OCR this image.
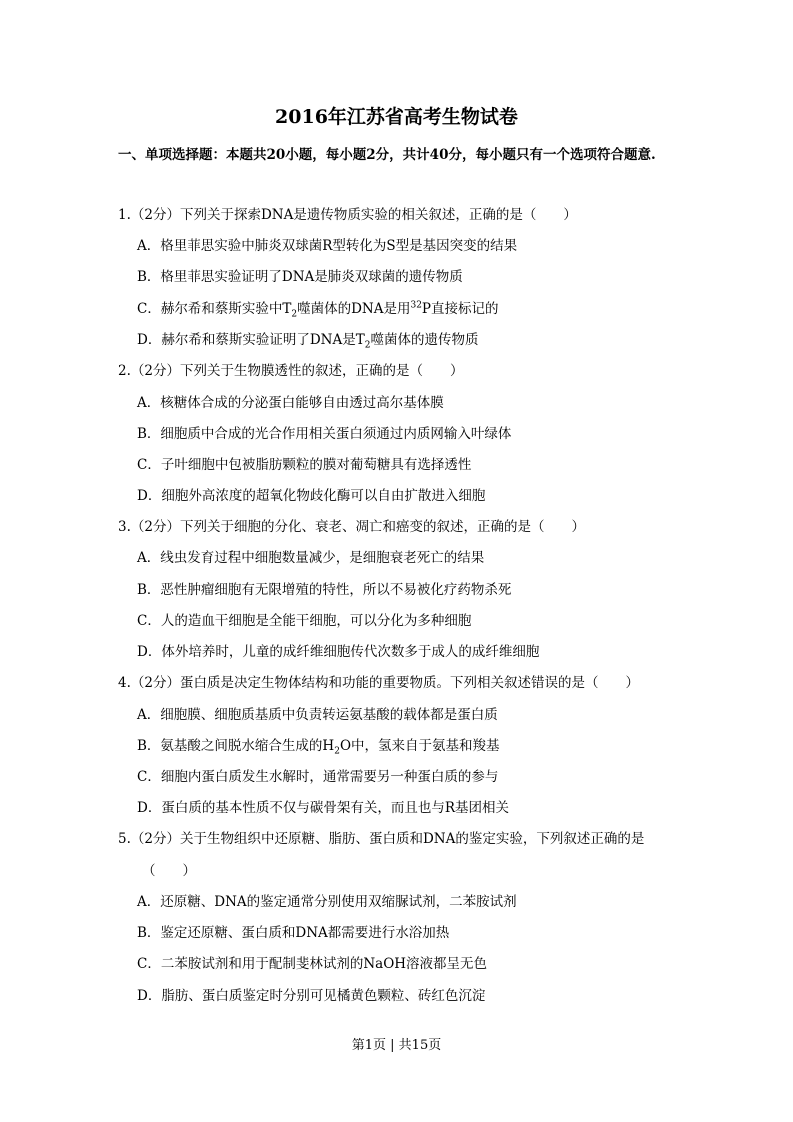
2016年江苏省高考生物试卷
一、单项选择题：本题共20小题，每小题2分，共计40分，每小题只有一个选项符合题意.
1.（2分）下列关于探索DNA是遗传物质实验的相关叙述，正确的是（　　）
A．格里菲思实验中肺炎双球菌R型转化为S型是基因突变的结果
B．格里菲思实验证明了DNA是肺炎双球菌的遗传物质
C．赫尔希和蔡斯实验中$T_2$噬菌体的DNA是用$^{32}$P直接标记的
D．赫尔希和蔡斯实验证明了DNA是$T_2$噬菌体的遗传物质
2.（2分）下列关于生物膜透性的叙述，正确的是（　　）
A．核糖体合成的分泌蛋白能够自由透过高尔基体膜
B．细胞质中合成的光合作用相关蛋白须通过内质网输入叶绿体
C．子叶细胞中包被脂肪颗粒的膜对葡萄糖具有选择透性
D．细胞外高浓度的超氧化物歧化酶可以自由扩散进入细胞
3.（2分）下列关于细胞的分化、衰老、凋亡和癌变的叙述，正确的是（　　）
A．线虫发育过程中细胞数量减少，是细胞衰老死亡的结果
B．恶性肿瘤细胞有无限增殖的特性，所以不易被化疗药物杀死
C．人的造血干细胞是全能干细胞，可以分化为多种细胞
D．体外培养时，儿童的成纤维细胞传代次数多于成人的成纤维细胞
4.（2分）蛋白质是决定生物体结构和功能的重要物质。下列相关叙述错误的是（　　）
A．细胞膜、细胞质基质中负责转运氨基酸的载体都是蛋白质
B．氨基酸之间脱水缩合生成的$H_2O$中，氢来自于氨基和羧基
C．细胞内蛋白质发生水解时，通常需要另一种蛋白质的参与
D．蛋白质的基本性质不仅与碳骨架有关，而且也与R基团相关
5.（2分）关于生物组织中还原糖、脂肪、蛋白质和DNA的鉴定实验，下列叙述正确的是
（　　）
A．还原糖、DNA的鉴定通常分别使用双缩脲试剂，二苯胺试剂
B．鉴定还原糖、蛋白质和DNA都需要进行水浴加热
C．二苯胺试剂和用于配制斐林试剂的NaOH溶液都呈无色
D．脂肪、蛋白质鉴定时分别可见橘黄色颗粒、砖红色沉淀
第1页 | 共15页
